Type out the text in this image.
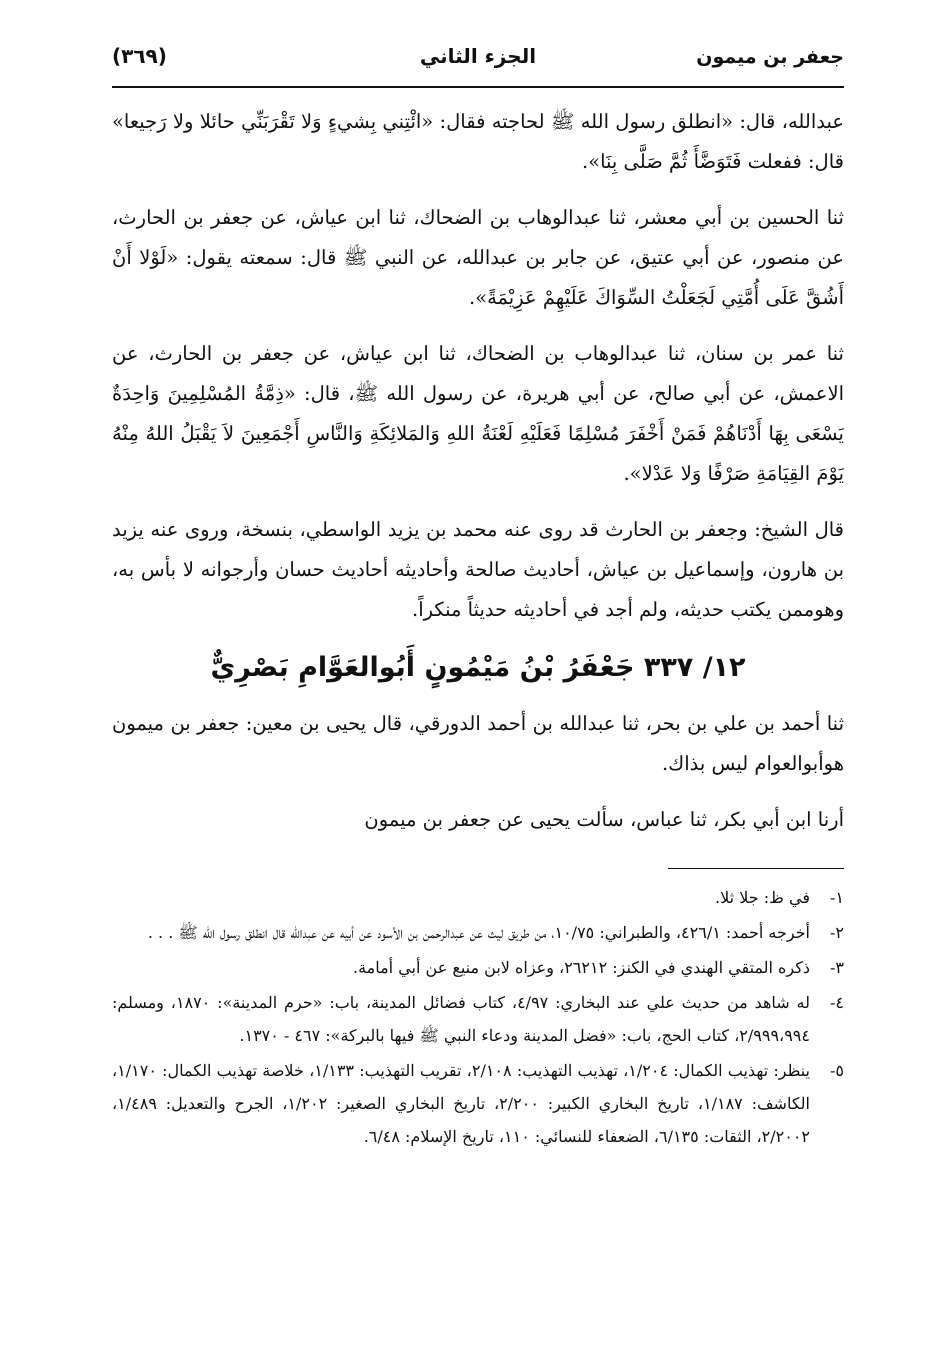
جعفر بن ميمون
الجزء الثاني
(٣٦٩)

عبدالله، قال: «انطلق رسول الله ﷺ لحاجته فقال: «ائْتِني بِشيءٍ وَلا تَقْرَبَنِّي حائلا ولا رَجيعا» قال: ففعلت فَتَوَضَّأَ ثُمَّ صَلَّى بِنَا».

ثنا الحسين بن أبي معشر، ثنا عبدالوهاب بن الضحاك، ثنا ابن عياش، عن جعفر بن الحارث، عن منصور، عن أبي عتيق، عن جابر بن عبدالله، عن النبي ﷺ قال: سمعته يقول: «لَوْلا أَنْ أَشُقَّ عَلَى أُمَّتِي لَجَعَلْتُ السِّوَاكَ عَلَيْهِمْ عَزِيْمَةً».

ثنا عمر بن سنان، ثنا عبدالوهاب بن الضحاك، ثنا ابن عياش، عن جعفر بن الحارث، عن الاعمش، عن أبي صالح، عن أبي هريرة، عن رسول الله ﷺ، قال: «ذِمَّةُ المُسْلِمِينَ وَاحِدَةٌ يَسْعَى بِهَا أَدْنَاهُمْ فَمَنْ أَخْفَرَ مُسْلِمًا فَعَلَيْهِ لَعْنَةُ اللهِ وَالمَلائِكَةِ وَالنَّاسِ أَجْمَعِينَ لاَ يَقْبَلُ اللهُ مِنْهُ يَوْمَ القِيَامَةِ صَرْفًا وَلا عَدْلا».

قال الشيخ: وجعفر بن الحارث قد روى عنه محمد بن يزيد الواسطي، بنسخة، وروى عنه يزيد بن هارون، وإسماعيل بن عياش، أحاديث صالحة وأحاديثه أحاديث حسان وأرجوانه لا بأس به، وهوممن يكتب حديثه، ولم أجد في أحاديثه حديثاً منكراً.

١٢/ ٣٣٧ جَعْفَرُ بْنُ مَيْمُونٍ أَبُوالعَوَّامِ بَصْرِيٌّ

ثنا أحمد بن علي بن بحر، ثنا عبدالله بن أحمد الدورقي، قال يحيى بن معين: جعفر بن ميمون هوأبوالعوام ليس بذاك.

أرنا ابن أبي بكر، ثنا عباس، سألت يحيى عن جعفر بن ميمون

١-
في ظ: جلا ثلا.
٢-
أخرجه أحمد: ٤٢٦/١، والطبراني: ١٠/٧٥، من طريق ليث عن عبدالرحمن بن الأسود عن أبيه عن عبدالله قال انطلق رسول الله ﷺ . . .
٣-
ذكره المتقي الهندي في الكنز: ٢٦٢١٢، وعزاه لابن منيع عن أبي أمامة.
٤-
له شاهد من حديث علي عند البخاري: ٤/٩٧، كتاب فضائل المدينة، باب: «حرم المدينة»: ١٨٧٠، ومسلم: ٢/٩٩٩،٩٩٤، كتاب الحج، باب: «فضل المدينة ودعاء النبي ﷺ فيها بالبركة»: ٤٦٧ - ١٣٧٠.
٥-
ينظر: تهذيب الكمال: ١/٢٠٤، تهذيب التهذيب: ٢/١٠٨، تقريب التهذيب: ١/١٣٣، خلاصة تهذيب الكمال: ١/١٧٠، الكاشف: ١/١٨٧، تاريخ البخاري الكبير: ٢/٢٠٠، تاريخ البخاري الصغير: ١/٢٠٢، الجرح والتعديل: ١/٤٨٩، ٢/٢٠٠٢، الثقات: ٦/١٣٥، الضعفاء للنسائي: ١١٠، تاريخ الإسلام: ٦/٤٨.
